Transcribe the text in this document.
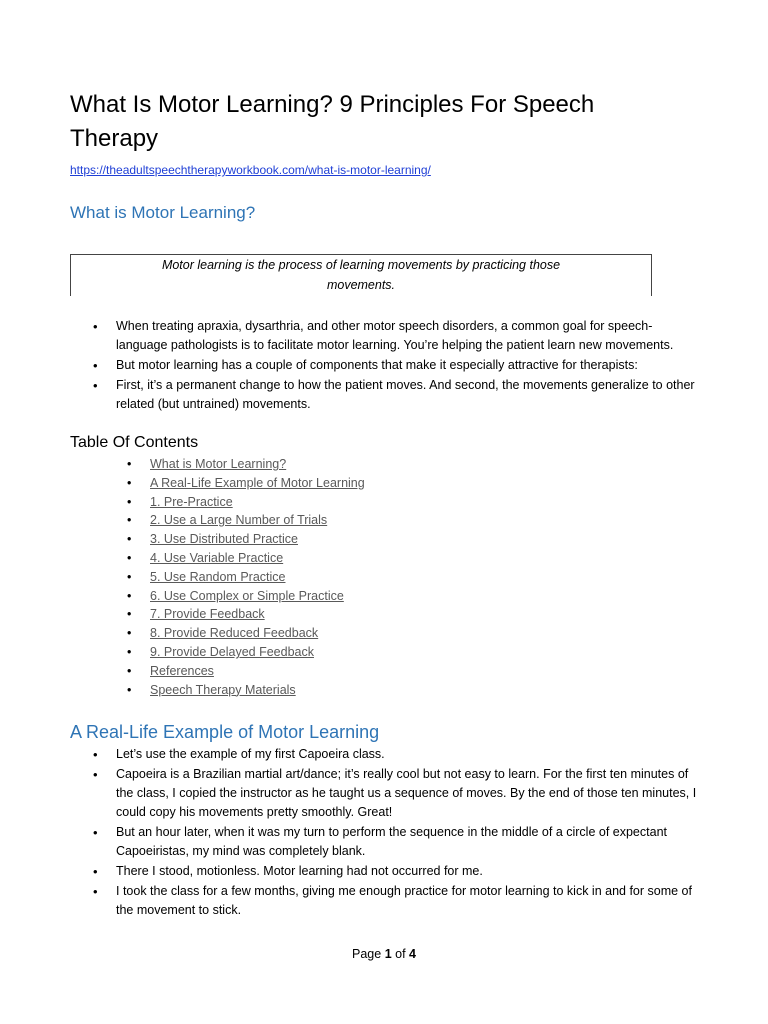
What Is Motor Learning? 9 Principles For Speech Therapy
https://theadultspeechtherapyworkbook.com/what-is-motor-learning/
What is Motor Learning?
Motor learning is the process of learning movements by practicing those movements.
• When treating apraxia, dysarthria, and other motor speech disorders, a common goal for speech-language pathologists is to facilitate motor learning. You’re helping the patient learn new movements.
• But motor learning has a couple of components that make it especially attractive for therapists:
• First, it’s a permanent change to how the patient moves. And second, the movements generalize to other related (but untrained) movements.
Table Of Contents
• What is Motor Learning?
• A Real-Life Example of Motor Learning
• 1. Pre-Practice
• 2. Use a Large Number of Trials
• 3. Use Distributed Practice
• 4. Use Variable Practice
• 5. Use Random Practice
• 6. Use Complex or Simple Practice
• 7. Provide Feedback
• 8. Provide Reduced Feedback
• 9. Provide Delayed Feedback
• References
• Speech Therapy Materials
A Real-Life Example of Motor Learning
• Let’s use the example of my first Capoeira class.
• Capoeira is a Brazilian martial art/dance; it’s really cool but not easy to learn. For the first ten minutes of the class, I copied the instructor as he taught us a sequence of moves. By the end of those ten minutes, I could copy his movements pretty smoothly. Great!
• But an hour later, when it was my turn to perform the sequence in the middle of a circle of expectant Capoeiristas, my mind was completely blank.
• There I stood, motionless. Motor learning had not occurred for me.
• I took the class for a few months, giving me enough practice for motor learning to kick in and for some of the movement to stick.
Page 1 of 4
